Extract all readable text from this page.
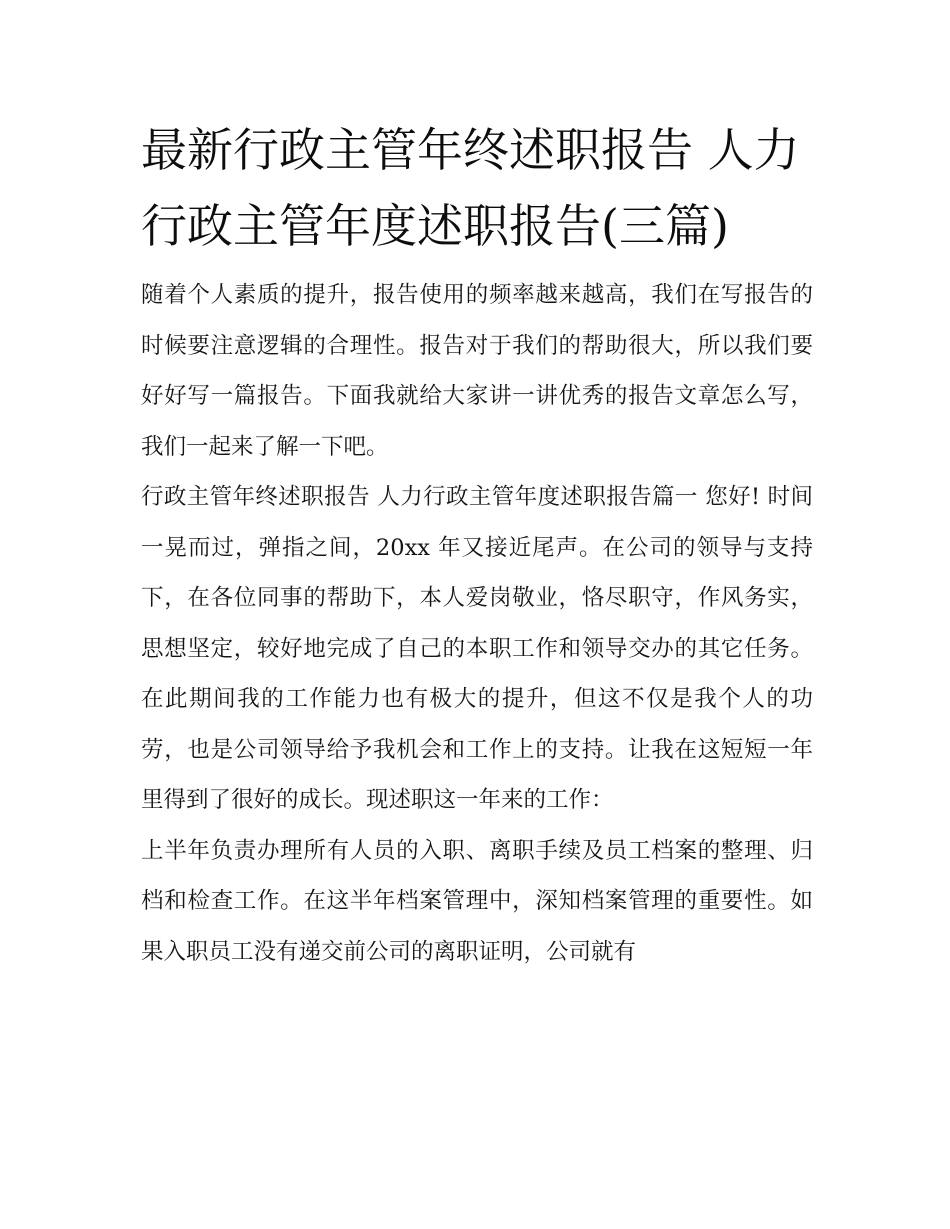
最新行政主管年终述职报告 人力行政主管年度述职报告(三篇)

随着个人素质的提升，报告使用的频率越来越高，我们在写报告的时候要注意逻辑的合理性。报告对于我们的帮助很大，所以我们要好好写一篇报告。下面我就给大家讲一讲优秀的报告文章怎么写，我们一起来了解一下吧。

行政主管年终述职报告 人力行政主管年度述职报告篇一 您好! 时间一晃而过，弹指之间，20xx 年又接近尾声。在公司的领导与支持下，在各位同事的帮助下，本人爱岗敬业，恪尽职守，作风务实，思想坚定，较好地完成了自己的本职工作和领导交办的其它任务。在此期间我的工作能力也有极大的提升，但这不仅是我个人的功劳，也是公司领导给予我机会和工作上的支持。让我在这短短一年里得到了很好的成长。现述职这一年来的工作：

上半年负责办理所有人员的入职、离职手续及员工档案的整理、归档和检查工作。在这半年档案管理中，深知档案管理的重要性。如果入职员工没有递交前公司的离职证明，公司就有
